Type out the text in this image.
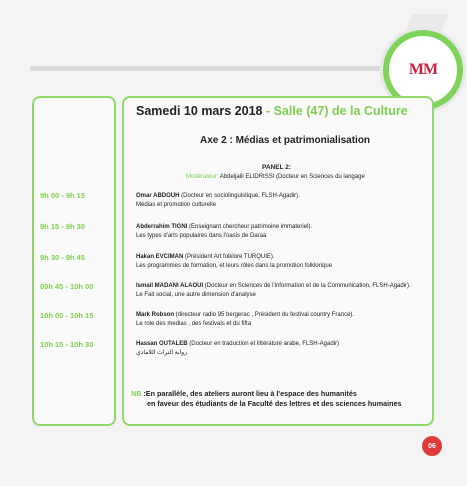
MM
Samedi 10 mars 2018 - Salle (47) de la Culture
Axe 2 : Médias et patrimonialisation
PANEL 2:
Modérateur: Abdeljalil ELIDRISSI (Docteur en Sciences du langage
9h 00 - 9h 15	Omar ABDOUH (Docteur en sociolinguistique, FLSH-Agadir).
Médias et promotion culturelle
9h 15 - 9h 30	Abderrahim TIGNI (Enseignant chercheur patrimoine immateriel).
Les types d'arts populaires dans l'oasis de Daraa
9h 30 - 9h 45	Hakan EVCIMAN (Président Art folklore TURQUIE).
Les programmes de formation, et leurs rôles dans la promotion folklorique
09h 45 - 10h 00	Ismail MADANI ALAOUI (Docteur en Sciences de l'information et de la Communication, FLSH-Agadir).
Le Fait social, une autre dimension d'analyse
10h 00 - 10h 15	Mark Robson (directeur radio 95 bergerac , Président du festival country France).
Le role des medias , des festivals et du fifta
10h 15 - 10h 30	Hassan OUTALEB (Docteur en traduction et littérature arabe, FLSH-Agadir)
رواية التراث اللامادي
NB :En parallèle, des ateliers auront lieu à l'espace des humanités
en faveur des étudiants de la Faculté des lettres et des sciences humaines
06
